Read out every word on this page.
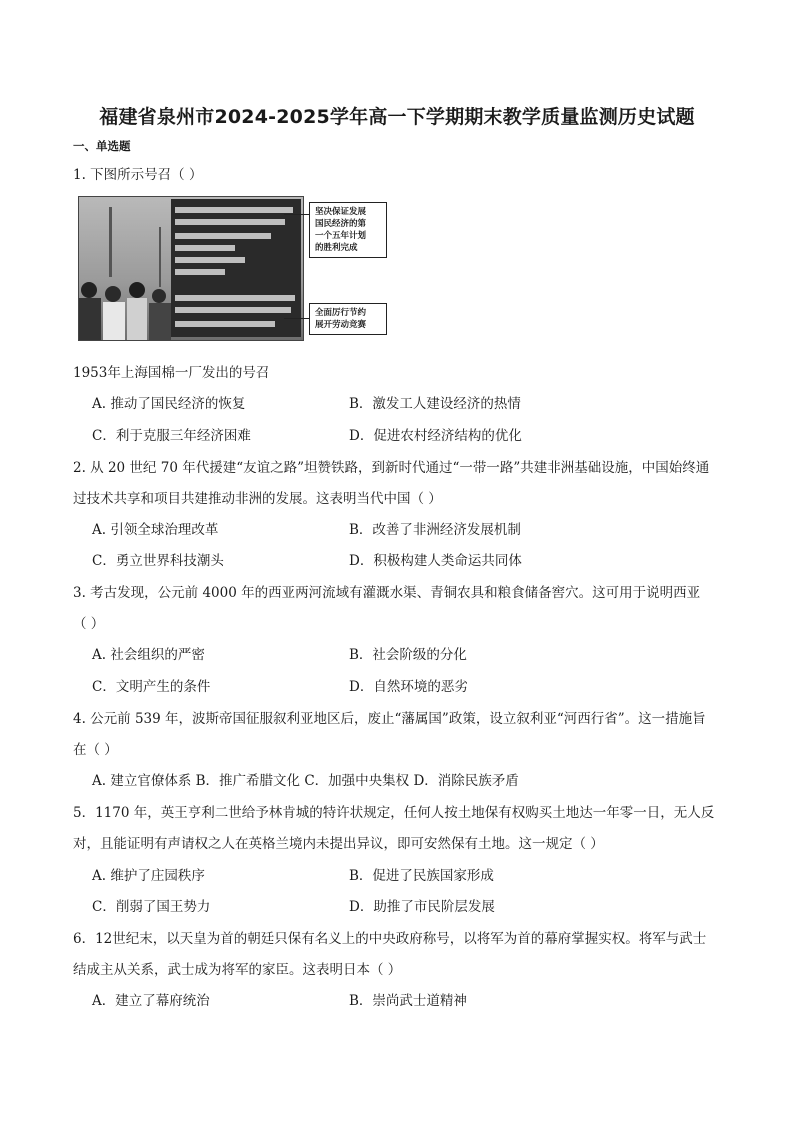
福建省泉州市2024-2025学年高一下学期期末教学质量监测历史试题
一、单选题
1. 下图所示号召（ ）
坚决保证发展
国民经济的第
一个五年计划
的胜利完成
全面厉行节约
展开劳动竞赛
1953年上海国棉一厂发出的号召
A. 推动了国民经济的恢复	B．激发工人建设经济的热情
C．利于克服三年经济困难	D．促进农村经济结构的优化
2. 从 20 世纪 70 年代援建“友谊之路”坦赞铁路，到新时代通过“一带一路”共建非洲基础设施，中国始终通
过技术共享和项目共建推动非洲的发展。这表明当代中国（ ）
A. 引领全球治理改革	B．改善了非洲经济发展机制
C．勇立世界科技潮头	D．积极构建人类命运共同体
3. 考古发现，公元前 4000 年的西亚两河流域有灌溉水渠、青铜农具和粮食储备窖穴。这可用于说明西亚
（ ）
A. 社会组织的严密	B．社会阶级的分化
C．文明产生的条件	D．自然环境的恶劣
4. 公元前 539 年，波斯帝国征服叙利亚地区后，废止“藩属国”政策，设立叙利亚“河西行省”。这一措施旨
在（ ）
A. 建立官僚体系 B．推广希腊文化 C．加强中央集权 D．消除民族矛盾
5．1170 年，英王亨利二世给予林肯城的特许状规定，任何人按土地保有权购买土地达一年零一日，无人反
对，且能证明有声请权之人在英格兰境内未提出异议，即可安然保有土地。这一规定（ ）
A. 维护了庄园秩序	B．促进了民族国家形成
C．削弱了国王势力	D．助推了市民阶层发展
6．12世纪末，以天皇为首的朝廷只保有名义上的中央政府称号，以将军为首的幕府掌握实权。将军与武士
结成主从关系，武士成为将军的家臣。这表明日本（ ）
A．建立了幕府统治	B．崇尚武士道精神
